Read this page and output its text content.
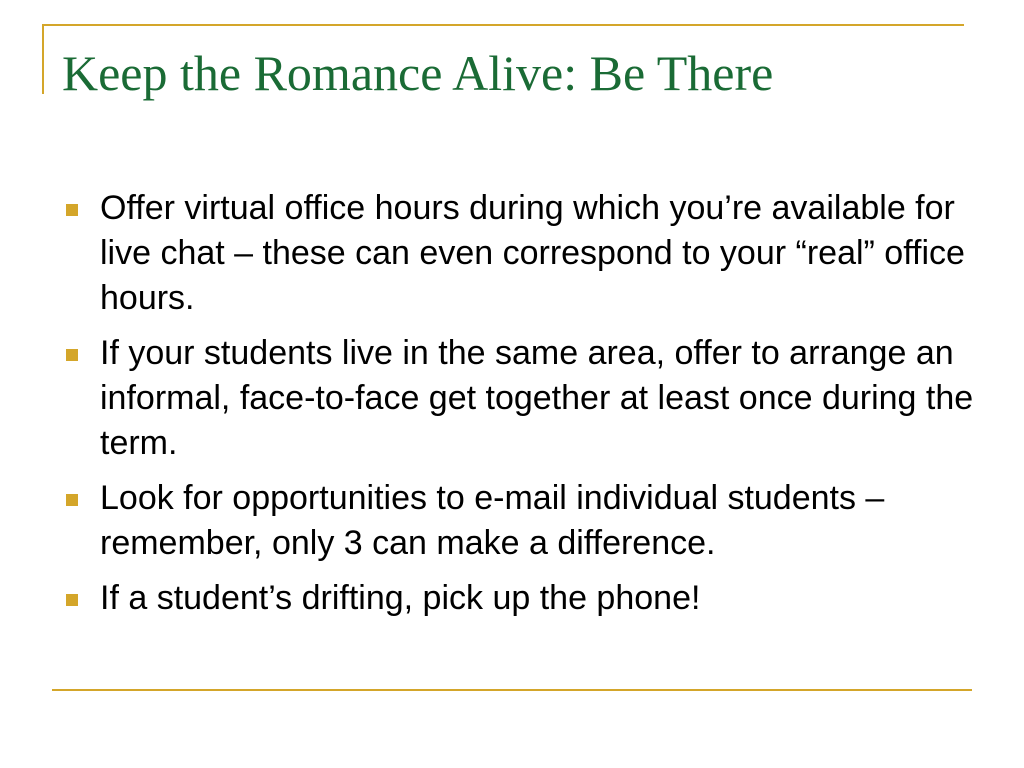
Keep the Romance Alive: Be There
Offer virtual office hours during which you’re available for live chat – these can even correspond to your “real” office hours.
If your students live in the same area, offer to arrange an informal, face-to-face get together at least once during the term.
Look for opportunities to e-mail individual students – remember, only 3 can make a difference.
If a student’s drifting, pick up the phone!
